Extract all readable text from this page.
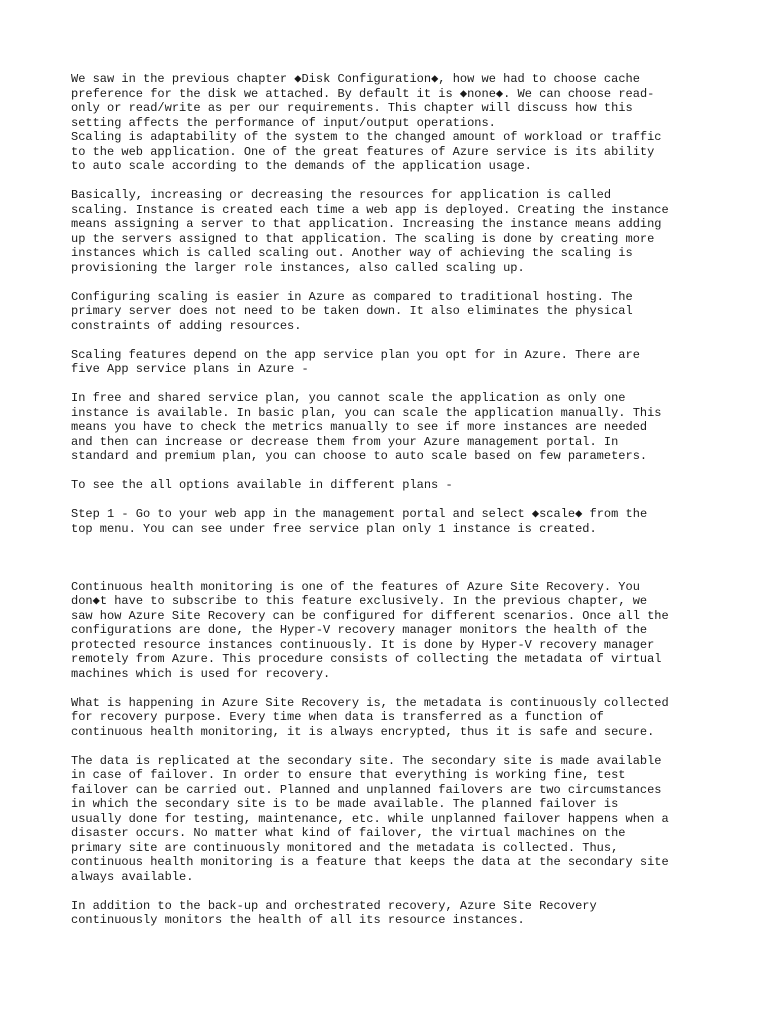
We saw in the previous chapter ◆Disk Configuration◆, how we had to choose cache
preference for the disk we attached. By default it is ◆none◆. We can choose read-
only or read/write as per our requirements. This chapter will discuss how this
setting affects the performance of input/output operations.
Scaling is adaptability of the system to the changed amount of workload or traffic
to the web application. One of the great features of Azure service is its ability
to auto scale according to the demands of the application usage.

Basically, increasing or decreasing the resources for application is called
scaling. Instance is created each time a web app is deployed. Creating the instance
means assigning a server to that application. Increasing the instance means adding
up the servers assigned to that application. The scaling is done by creating more
instances which is called scaling out. Another way of achieving the scaling is
provisioning the larger role instances, also called scaling up.

Configuring scaling is easier in Azure as compared to traditional hosting. The
primary server does not need to be taken down. It also eliminates the physical
constraints of adding resources.

Scaling features depend on the app service plan you opt for in Azure. There are
five App service plans in Azure -

In free and shared service plan, you cannot scale the application as only one
instance is available. In basic plan, you can scale the application manually. This
means you have to check the metrics manually to see if more instances are needed
and then can increase or decrease them from your Azure management portal. In
standard and premium plan, you can choose to auto scale based on few parameters.

To see the all options available in different plans -

Step 1 - Go to your web app in the management portal and select ◆scale◆ from the
top menu. You can see under free service plan only 1 instance is created.

Continuous health monitoring is one of the features of Azure Site Recovery. You
don◆t have to subscribe to this feature exclusively. In the previous chapter, we
saw how Azure Site Recovery can be configured for different scenarios. Once all the
configurations are done, the Hyper-V recovery manager monitors the health of the
protected resource instances continuously. It is done by Hyper-V recovery manager
remotely from Azure. This procedure consists of collecting the metadata of virtual
machines which is used for recovery.

What is happening in Azure Site Recovery is, the metadata is continuously collected
for recovery purpose. Every time when data is transferred as a function of
continuous health monitoring, it is always encrypted, thus it is safe and secure.

The data is replicated at the secondary site. The secondary site is made available
in case of failover. In order to ensure that everything is working fine, test
failover can be carried out. Planned and unplanned failovers are two circumstances
in which the secondary site is to be made available. The planned failover is
usually done for testing, maintenance, etc. while unplanned failover happens when a
disaster occurs. No matter what kind of failover, the virtual machines on the
primary site are continuously monitored and the metadata is collected. Thus,
continuous health monitoring is a feature that keeps the data at the secondary site
always available.

In addition to the back-up and orchestrated recovery, Azure Site Recovery
continuously monitors the health of all its resource instances.
